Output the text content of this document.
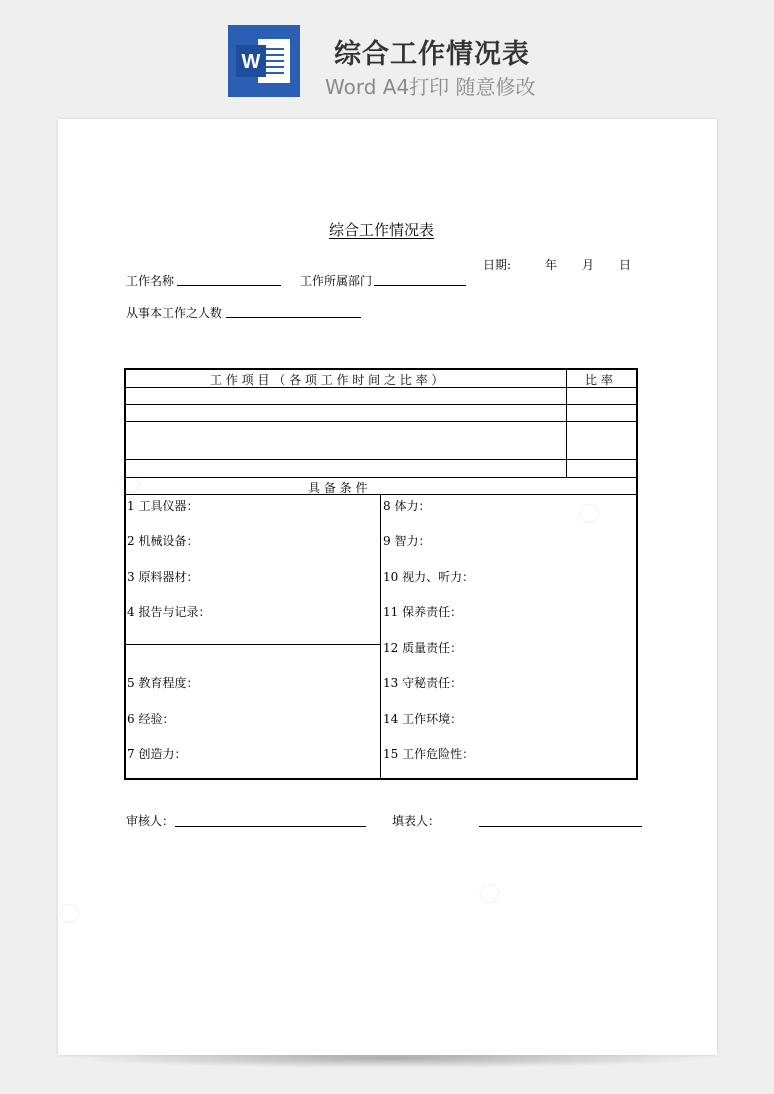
W	综合工作情况表
Word A4打印 随意修改
综合工作情况表
日期:	年 月 日
工作名称	工作所属部门
从事本工作之人数
工 作 项 目 （ 各 项 工 作 时 间 之 比 率 ）	比 率
具 备 条 件
1 工具仪器：
2 机械设备：
3 原料器材：
4 报告与记录：
5 教育程度：
6 经验：
7 创造力：
8 体力：
9 智力：
10 视力、听力：
11 保养责任：
12 质量责任：
13 守秘责任：
14 工作环境：
15 工作危险性：
审核人：	填表人：
